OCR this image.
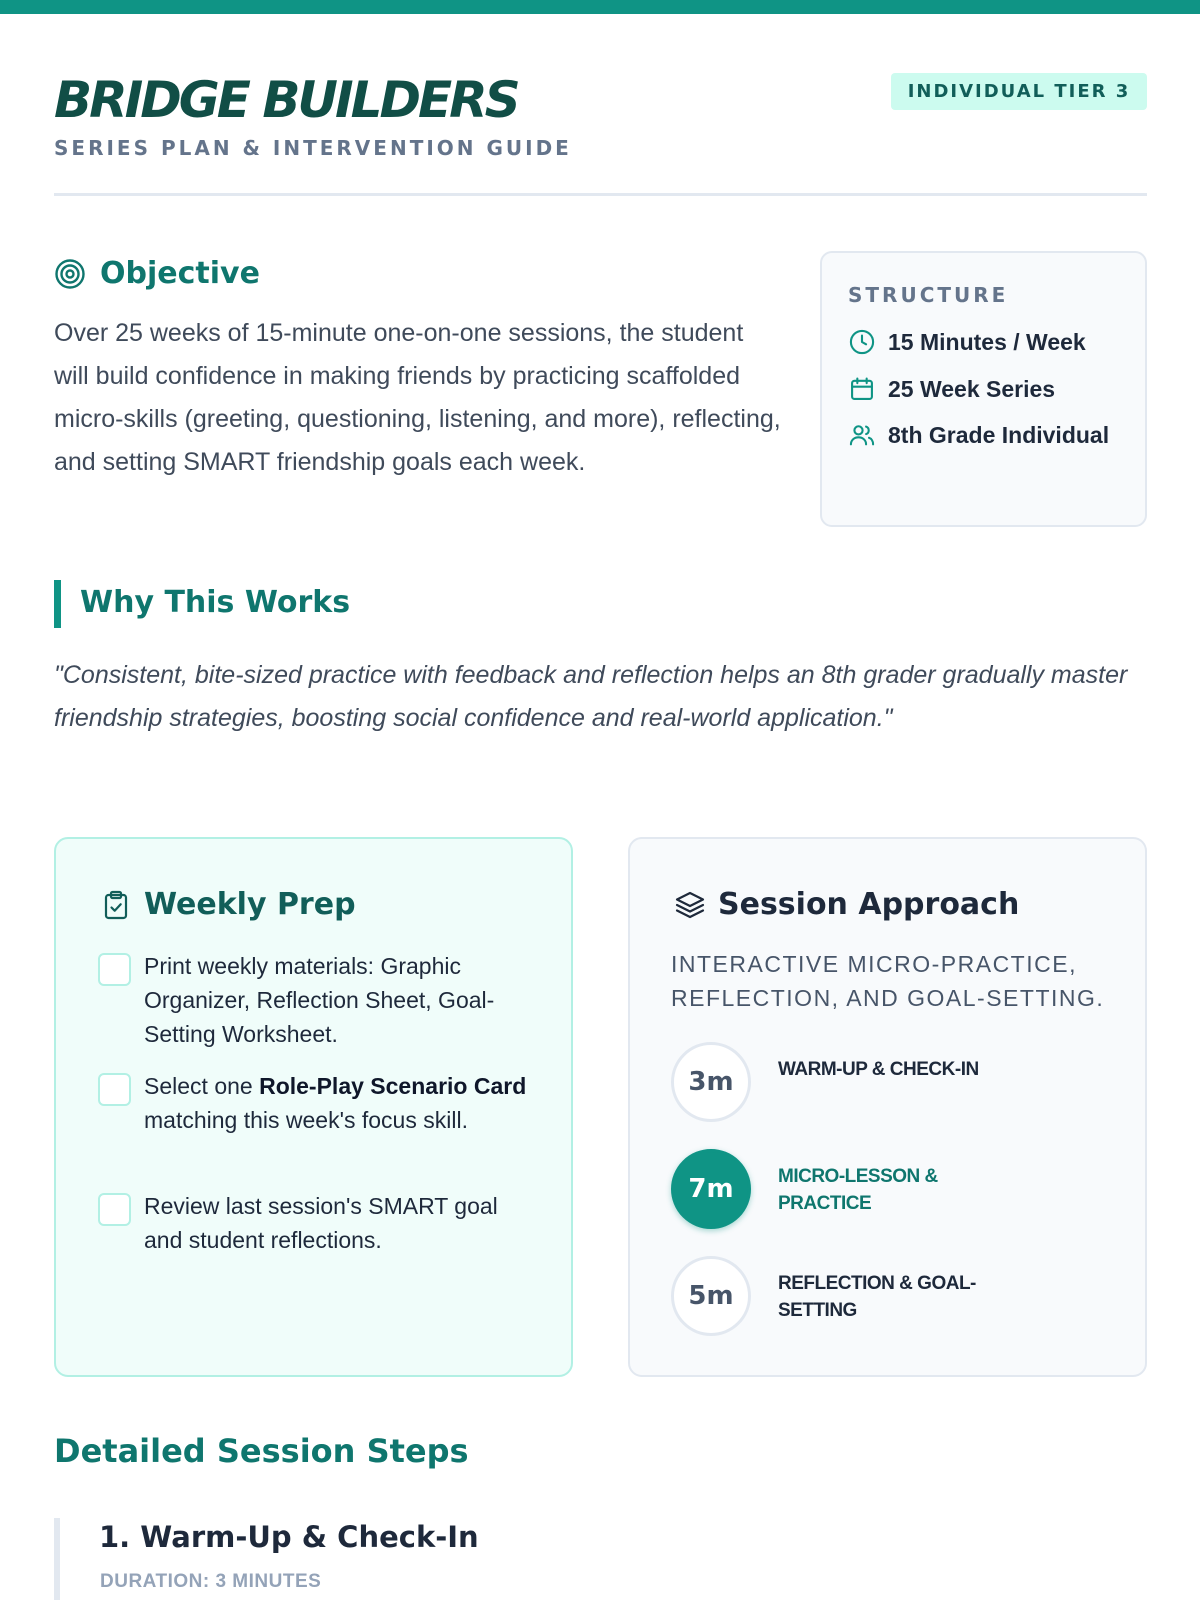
BRIDGE BUILDERS
SERIES PLAN & INTERVENTION GUIDE
INDIVIDUAL TIER 3
Objective
Over 25 weeks of 15-minute one-on-one sessions, the student will build confidence in making friends by practicing scaffolded micro-skills (greeting, questioning, listening, and more), reflecting, and setting SMART friendship goals each week.
STRUCTURE
15 Minutes / Week
25 Week Series
8th Grade Individual
Why This Works
"Consistent, bite-sized practice with feedback and reflection helps an 8th grader gradually master friendship strategies, boosting social confidence and real-world application."
Weekly Prep
Print weekly materials: Graphic Organizer, Reflection Sheet, Goal-Setting Worksheet.
Select one Role-Play Scenario Card matching this week's focus skill.
Review last session's SMART goal and student reflections.
Session Approach
INTERACTIVE MICRO-PRACTICE, REFLECTION, AND GOAL-SETTING.
3m	WARM-UP & CHECK-IN
7m	MICRO-LESSON & PRACTICE
5m	REFLECTION & GOAL-SETTING
Detailed Session Steps
1. Warm-Up & Check-In
DURATION: 3 MINUTES
